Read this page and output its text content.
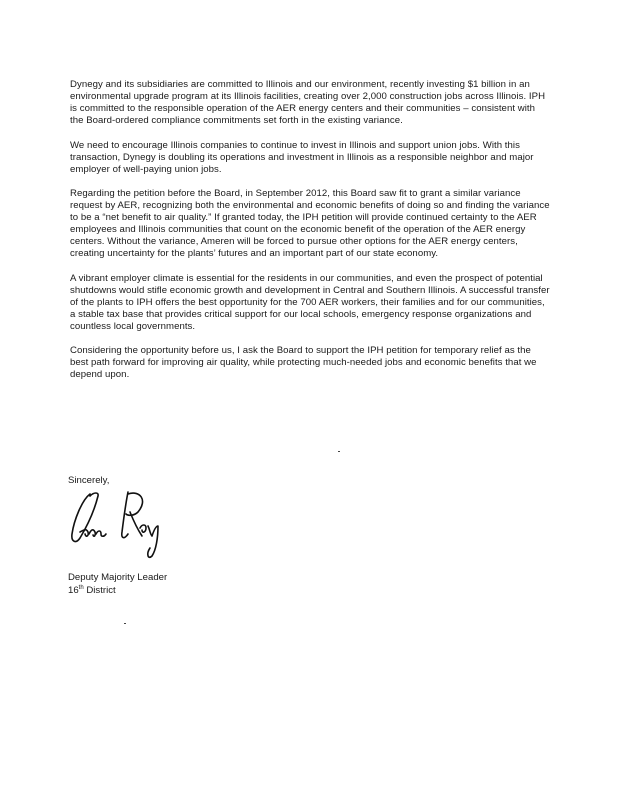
Dynegy and its subsidiaries are committed to Illinois and our environment, recently investing $1 billion in an environmental upgrade program at its Illinois facilities, creating over 2,000 construction jobs across Illinois. IPH is committed to the responsible operation of the AER energy centers and their communities – consistent with the Board-ordered compliance commitments set forth in the existing variance.

We need to encourage Illinois companies to continue to invest in Illinois and support union jobs. With this transaction, Dynegy is doubling its operations and investment in Illinois as a responsible neighbor and major employer of well-paying union jobs.

Regarding the petition before the Board, in September 2012, this Board saw fit to grant a similar variance request by AER, recognizing both the environmental and economic benefits of doing so and finding the variance to be a “net benefit to air quality.” If granted today, the IPH petition will provide continued certainty to the AER employees and Illinois communities that count on the economic benefit of the operation of the AER energy centers. Without the variance, Ameren will be forced to pursue other options for the AER energy centers, creating uncertainty for the plants’ futures and an important part of our state economy.

A vibrant employer climate is essential for the residents in our communities, and even the prospect of potential shutdowns would stifle economic growth and development in Central and Southern Illinois. A successful transfer of the plants to IPH offers the best opportunity for the 700 AER workers, their families and for our communities, a stable tax base that provides critical support for our local schools, emergency response organizations and countless local governments.

Considering the opportunity before us, I ask the Board to support the IPH petition for temporary relief as the best path forward for improving air quality, while protecting much-needed jobs and economic benefits that we depend upon.

Sincerely,
Deputy Majority Leader
16th District
